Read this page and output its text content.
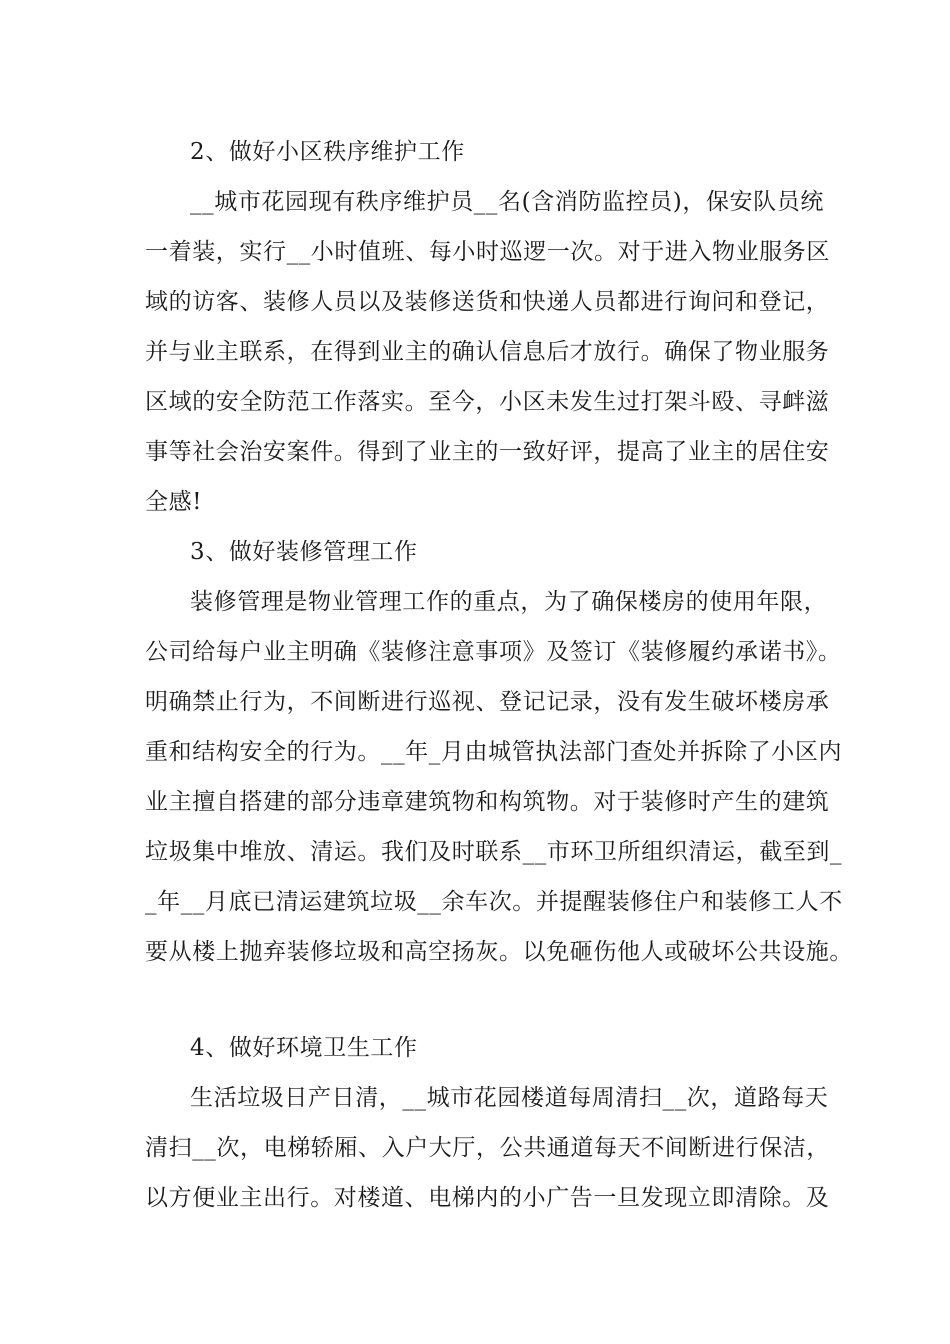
2、做好小区秩序维护工作
__城市花园现有秩序维护员__名(含消防监控员)，保安队员统
一着装，实行__小时值班、每小时巡逻一次。对于进入物业服务区
域的访客、装修人员以及装修送货和快递人员都进行询问和登记，
并与业主联系，在得到业主的确认信息后才放行。确保了物业服务
区域的安全防范工作落实。至今，小区未发生过打架斗殴、寻衅滋
事等社会治安案件。得到了业主的一致好评，提高了业主的居住安
全感!
3、做好装修管理工作
装修管理是物业管理工作的重点，为了确保楼房的使用年限，
公司给每户业主明确《装修注意事项》及签订《装修履约承诺书》。
明确禁止行为，不间断进行巡视、登记记录，没有发生破坏楼房承
重和结构安全的行为。__年_月由城管执法部门查处并拆除了小区内
业主擅自搭建的部分违章建筑物和构筑物。对于装修时产生的建筑
垃圾集中堆放、清运。我们及时联系__市环卫所组织清运，截至到_
_年__月底已清运建筑垃圾__余车次。并提醒装修住户和装修工人不
要从楼上抛弃装修垃圾和高空扬灰。以免砸伤他人或破坏公共设施。
4、做好环境卫生工作
生活垃圾日产日清，__城市花园楼道每周清扫__次，道路每天
清扫__次，电梯轿厢、入户大厅，公共通道每天不间断进行保洁，
以方便业主出行。对楼道、电梯内的小广告一旦发现立即清除。及
